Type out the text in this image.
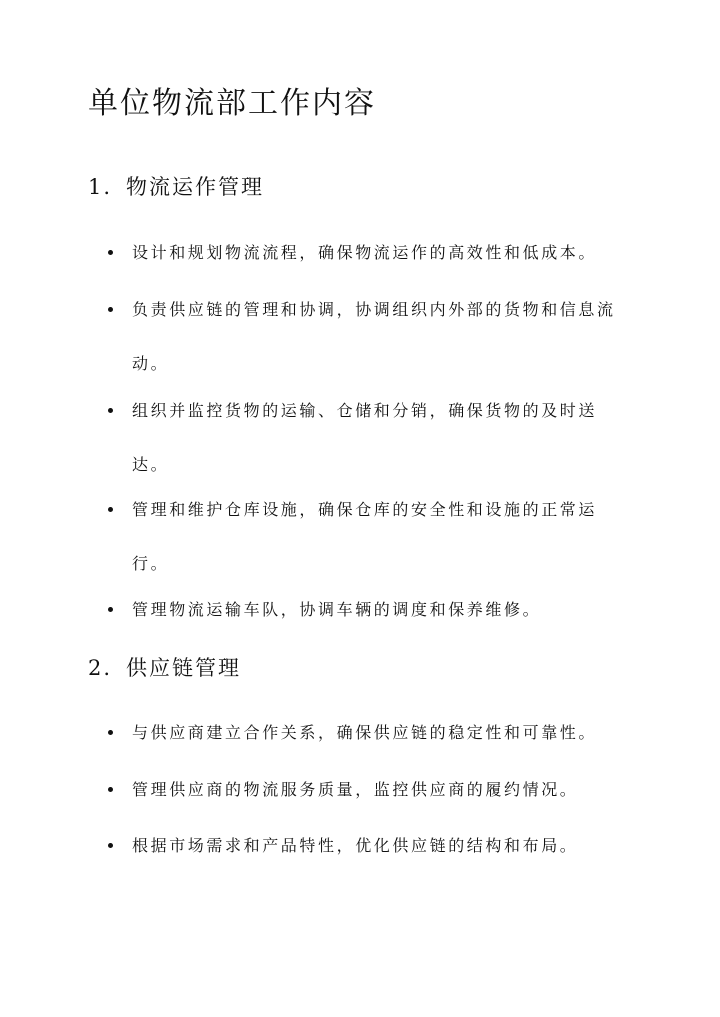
单位物流部工作内容
1. 物流运作管理
设计和规划物流流程，确保物流运作的高效性和低成本。
负责供应链的管理和协调，协调组织内外部的货物和信息流动。
组织并监控货物的运输、仓储和分销，确保货物的及时送达。
管理和维护仓库设施，确保仓库的安全性和设施的正常运行。
管理物流运输车队，协调车辆的调度和保养维修。
2. 供应链管理
与供应商建立合作关系，确保供应链的稳定性和可靠性。
管理供应商的物流服务质量，监控供应商的履约情况。
根据市场需求和产品特性，优化供应链的结构和布局。
